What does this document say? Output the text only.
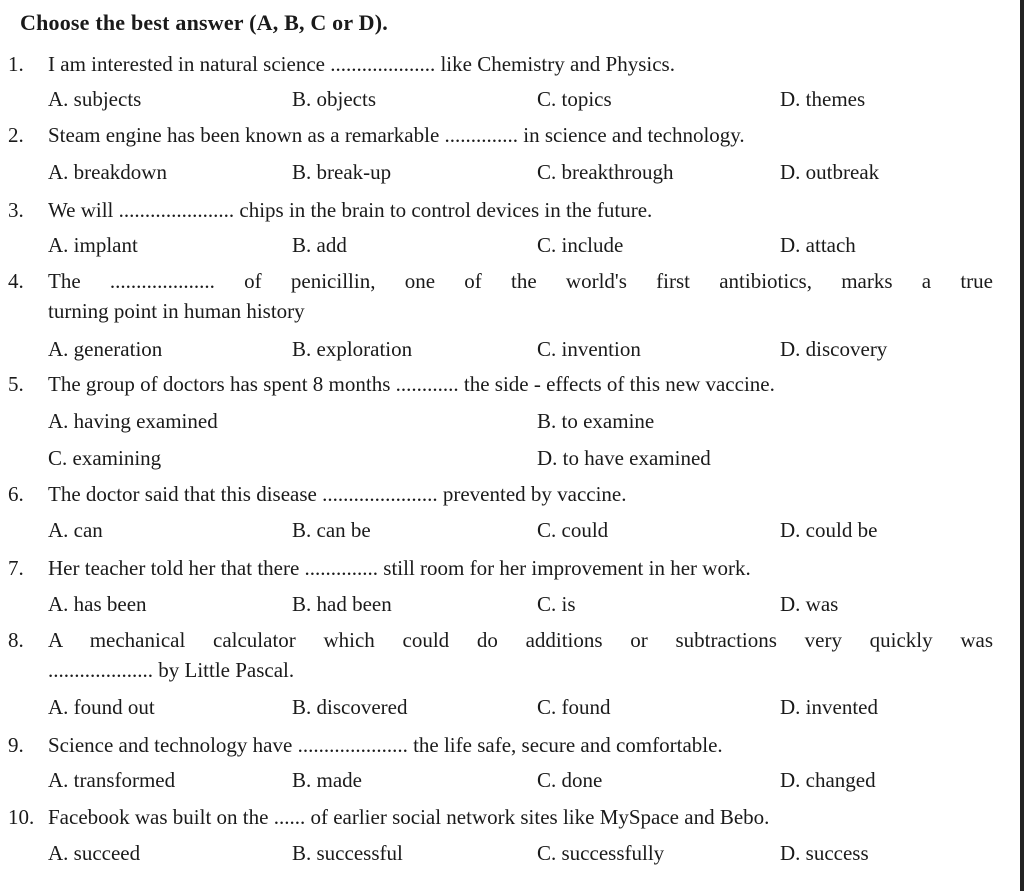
Choose the best answer (A, B, C or D).
1. I am interested in natural science .................... like Chemistry and Physics.
A. subjects	B. objects	C. topics	D. themes
2. Steam engine has been known as a remarkable .............. in science and technology.
A. breakdown	B. break-up	C. breakthrough	D. outbreak
3. We will ...................... chips in the brain to control devices in the future.
A. implant	B. add	C. include	D. attach
4. The .................... of penicillin, one of the world's first antibiotics, marks a true
turning point in human history
A. generation	B. exploration	C. invention	D. discovery
5. The group of doctors has spent 8 months ............ the side - effects of this new vaccine.
A. having examined	B. to examine
C. examining	D. to have examined
6. The doctor said that this disease ...................... prevented by vaccine.
A. can	B. can be	C. could	D. could be
7. Her teacher told her that there .............. still room for her improvement in her work.
A. has been	B. had been	C. is	D. was
8. A mechanical calculator which could do additions or subtractions very quickly was
.................... by Little Pascal.
A. found out	B. discovered	C. found	D. invented
9. Science and technology have ..................... the life safe, secure and comfortable.
A. transformed	B. made	C. done	D. changed
10. Facebook was built on the ...... of earlier social network sites like MySpace and Bebo.
A. succeed	B. successful	C. successfully	D. success
